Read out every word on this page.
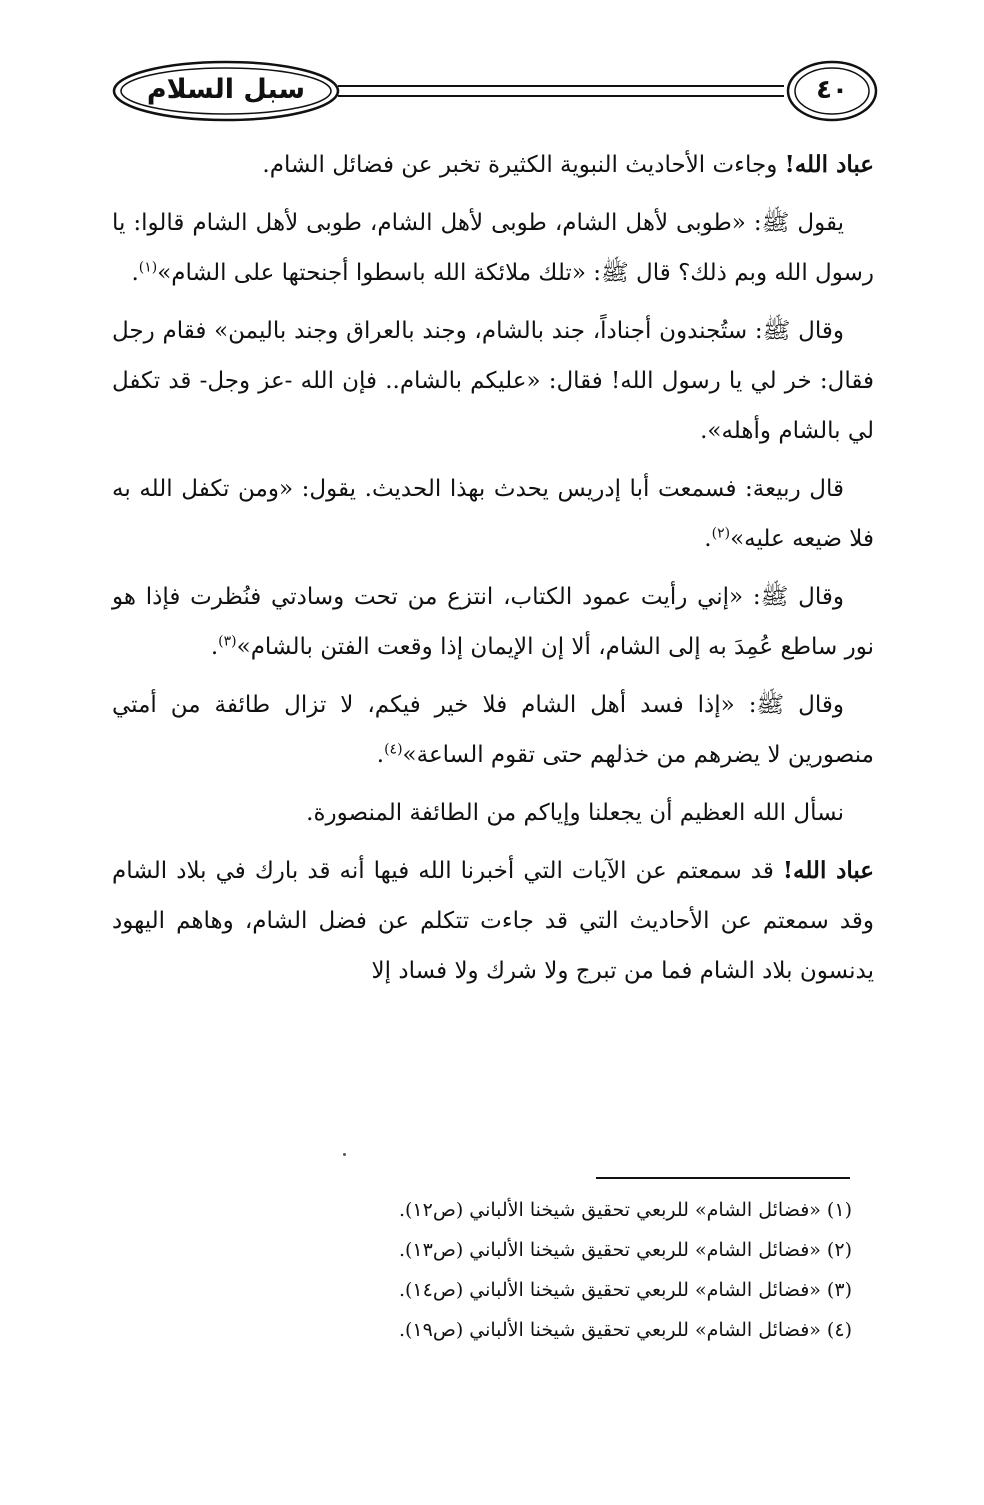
سبل السلام	٤٠

عباد الله! وجاءت الأحاديث النبوية الكثيرة تخبر عن فضائل الشام.

يقول ﷺ: «طوبى لأهل الشام، طوبى لأهل الشام، طوبى لأهل الشام قالوا: يا رسول الله وبم ذلك؟ قال ﷺ: «تلك ملائكة الله باسطوا أجنحتها على الشام»$^{(١)}$.

وقال ﷺ: ستُجندون أجناداً، جند بالشام، وجند بالعراق وجند باليمن» فقام رجل فقال: خر لي يا رسول الله! فقال: «عليكم بالشام.. فإن الله -عز وجل- قد تكفل لي بالشام وأهله».

قال ربيعة: فسمعت أبا إدريس يحدث بهذا الحديث. يقول: «ومن تكفل الله به فلا ضيعه عليه»$^{(٢)}$.

وقال ﷺ: «إني رأيت عمود الكتاب، انتزع من تحت وسادتي فنُظرت فإذا هو نور ساطع عُمِدَ به إلى الشام، ألا إن الإيمان إذا وقعت الفتن بالشام»$^{(٣)}$.

وقال ﷺ: «إذا فسد أهل الشام فلا خير فيكم، لا تزال طائفة من أمتي منصورين لا يضرهم من خذلهم حتى تقوم الساعة»$^{(٤)}$.

نسأل الله العظيم أن يجعلنا وإياكم من الطائفة المنصورة.

عباد الله! قد سمعتم عن الآيات التي أخبرنا الله فيها أنه قد بارك في بلاد الشام وقد سمعتم عن الأحاديث التي قد جاءت تتكلم عن فضل الشام، وهاهم اليهود يدنسون بلاد الشام فما من تبرج ولا شرك ولا فساد إلا

(١) «فضائل الشام» للربعي تحقيق شيخنا الألباني (ص١٢).

(٢) «فضائل الشام» للربعي تحقيق شيخنا الألباني (ص١٣).

(٣) «فضائل الشام» للربعي تحقيق شيخنا الألباني (ص١٤).

(٤) «فضائل الشام» للربعي تحقيق شيخنا الألباني (ص١٩).
